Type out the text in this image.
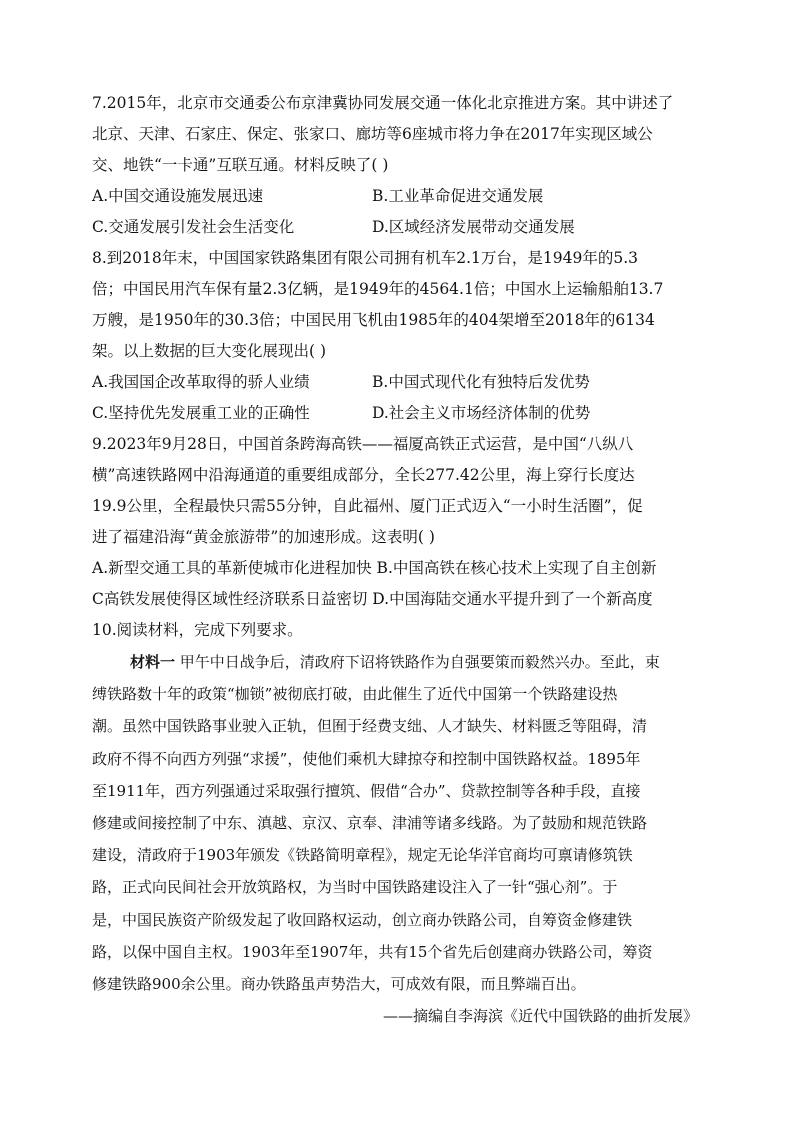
7.2015年，北京市交通委公布京津冀协同发展交通一体化北京推进方案。其中讲述了
北京、天津、石家庄、保定、张家口、廊坊等6座城市将力争在2017年实现区域公
交、地铁“一卡通”互联互通。材料反映了( )
A.中国交通设施发展迅速	B.工业革命促进交通发展
C.交通发展引发社会生活变化	D.区域经济发展带动交通发展
8.到2018年末，中国国家铁路集团有限公司拥有机车2.1万台，是1949年的5.3
倍；中国民用汽车保有量2.3亿辆，是1949年的4564.1倍；中国水上运输船舶13.7
万艘，是1950年的30.3倍；中国民用飞机由1985年的404架增至2018年的6134
架。以上数据的巨大变化展现出( )
A.我国国企改革取得的骄人业绩	B.中国式现代化有独特后发优势
C.坚持优先发展重工业的正确性	D.社会主义市场经济体制的优势
9.2023年9月28日，中国首条跨海高铁——福厦高铁正式运营，是中国“八纵八
横”高速铁路网中沿海通道的重要组成部分，全长277.42公里，海上穿行长度达
19.9公里，全程最快只需55分钟，自此福州、厦门正式迈入“一小时生活圈”，促
进了福建沿海“黄金旅游带”的加速形成。这表明( )
A.新型交通工具的革新使城市化进程加快 B.中国高铁在核心技术上实现了自主创新
C高铁发展使得区域性经济联系日益密切 D.中国海陆交通水平提升到了一个新高度
10.阅读材料，完成下列要求。
材料一 甲午中日战争后，清政府下诏将铁路作为自强要策而毅然兴办。至此，束
缚铁路数十年的政策“枷锁”被彻底打破，由此催生了近代中国第一个铁路建设热
潮。虽然中国铁路事业驶入正轨，但囿于经费支绌、人才缺失、材料匮乏等阻碍，清
政府不得不向西方列强“求援”，使他们乘机大肆掠夺和控制中国铁路权益。1895年
至1911年，西方列强通过采取强行擅筑、假借“合办”、贷款控制等各种手段，直接
修建或间接控制了中东、滇越、京汉、京奉、津浦等诸多线路。为了鼓励和规范铁路
建设，清政府于1903年颁发《铁路简明章程》，规定无论华洋官商均可禀请修筑铁
路，正式向民间社会开放筑路权，为当时中国铁路建设注入了一针“强心剂”。于
是，中国民族资产阶级发起了收回路权运动，创立商办铁路公司，自筹资金修建铁
路，以保中国自主权。1903年至1907年，共有15个省先后创建商办铁路公司，筹资
修建铁路900余公里。商办铁路虽声势浩大，可成效有限，而且弊端百出。
——摘编自李海滨《近代中国铁路的曲折发展》
